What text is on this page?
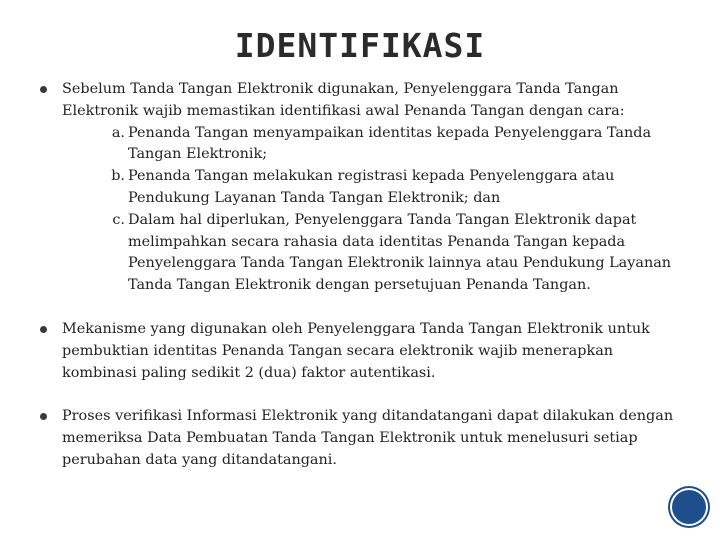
IDENTIFIKASI
Sebelum Tanda Tangan Elektronik digunakan, Penyelenggara Tanda Tangan Elektronik wajib memastikan identifikasi awal Penanda Tangan dengan cara:
a. Penanda Tangan menyampaikan identitas kepada Penyelenggara Tanda Tangan Elektronik;
b. Penanda Tangan melakukan registrasi kepada Penyelenggara atau Pendukung Layanan Tanda Tangan Elektronik; dan
c. Dalam hal diperlukan, Penyelenggara Tanda Tangan Elektronik dapat melimpahkan secara rahasia data identitas Penanda Tangan kepada Penyelenggara Tanda Tangan Elektronik lainnya atau Pendukung Layanan Tanda Tangan Elektronik dengan persetujuan Penanda Tangan.
Mekanisme yang digunakan oleh Penyelenggara Tanda Tangan Elektronik untuk pembuktian identitas Penanda Tangan secara elektronik wajib menerapkan kombinasi paling sedikit 2 (dua) faktor autentikasi.
Proses verifikasi Informasi Elektronik yang ditandatangani dapat dilakukan dengan memeriksa Data Pembuatan Tanda Tangan Elektronik untuk menelusuri setiap perubahan data yang ditandatangani.
